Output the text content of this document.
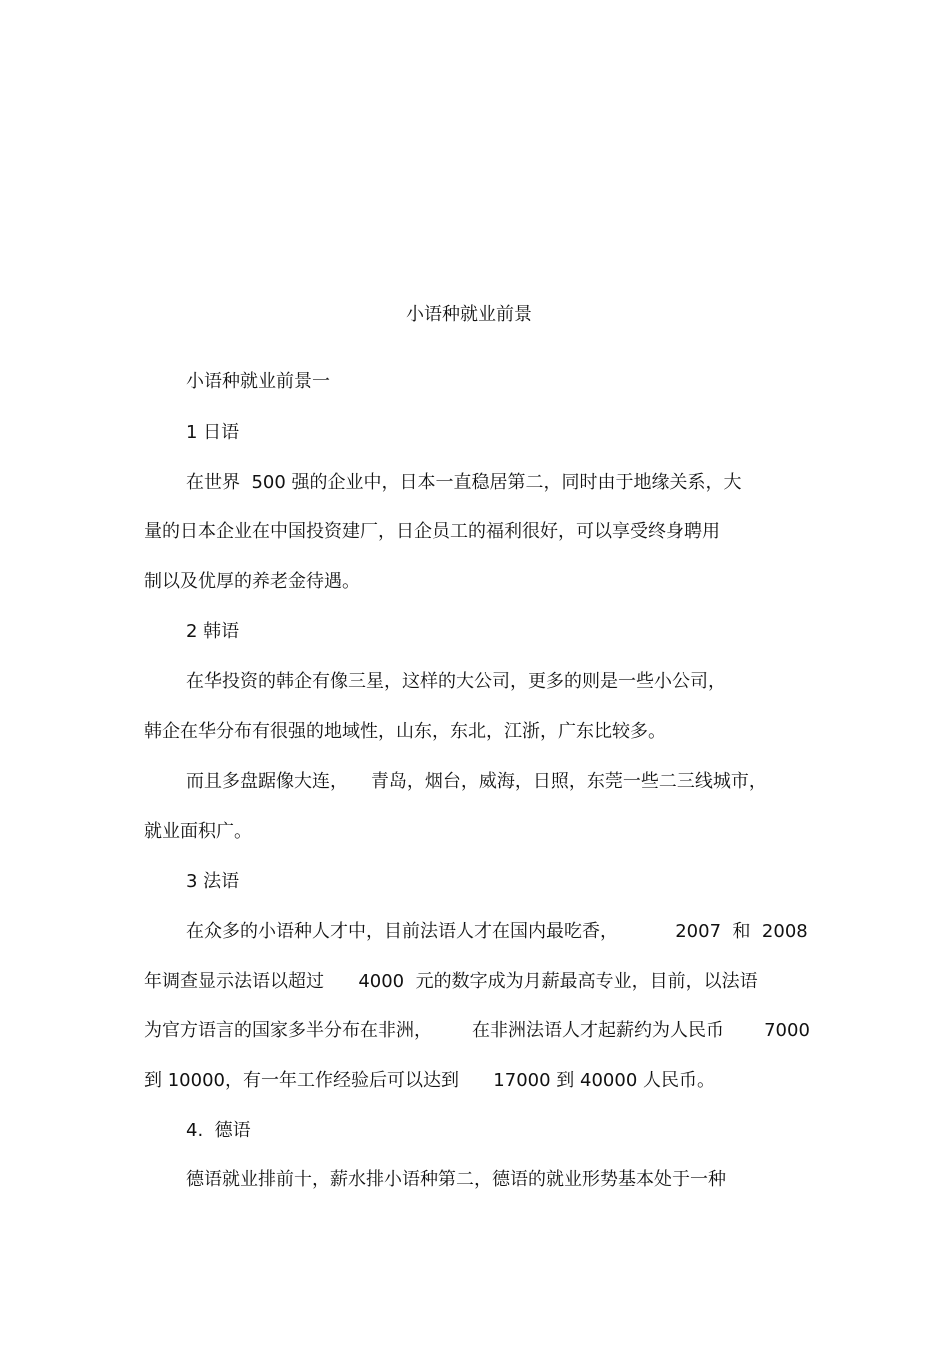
小语种就业前景
小语种就业前景一
1 日语
在世界  500 强的企业中，日本一直稳居第二，同时由于地缘关系，大
量的日本企业在中国投资建厂，日企员工的福利很好，可以享受终身聘用
制以及优厚的养老金待遇。
2 韩语
在华投资的韩企有像三星，这样的大公司，更多的则是一些小公司，
韩企在华分布有很强的地域性，山东，东北，江浙，广东比较多。
而且多盘踞像大连，    青岛，烟台，威海，日照，东莞一些二三线城市，
就业面积广。
3 法语
在众多的小语种人才中，目前法语人才在国内最吃香，          2007  和  2008
年调查显示法语以超过      4000  元的数字成为月薪最高专业，目前，以法语
为官方语言的国家多半分布在非洲，       在非洲法语人才起薪约为人民币       7000
到 10000，有一年工作经验后可以达到      17000 到 40000 人民币。
4.  德语
德语就业排前十，薪水排小语种第二，德语的就业形势基本处于一种
